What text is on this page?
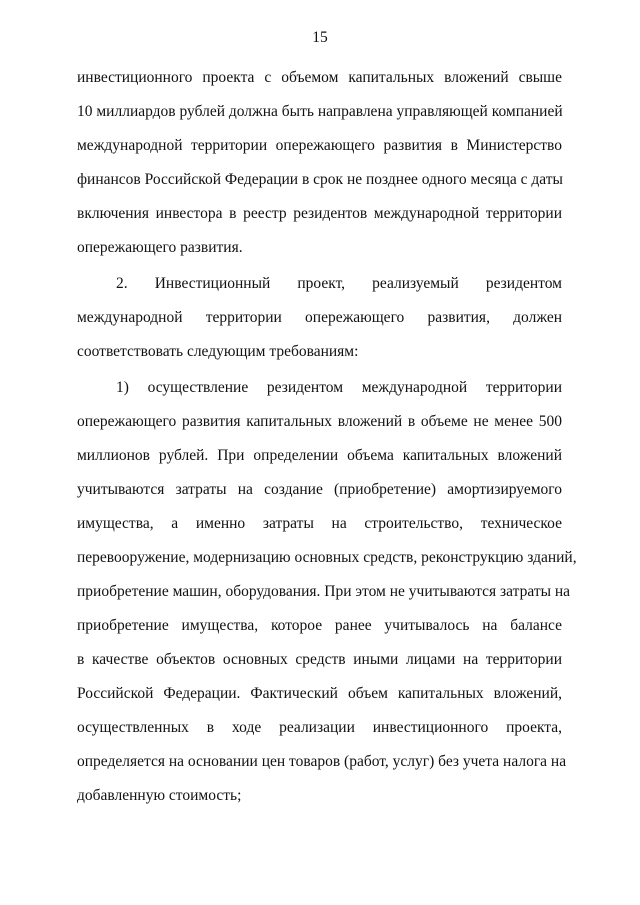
15
инвестиционного проекта с объемом капитальных вложений свыше
10 миллиардов рублей должна быть направлена управляющей компанией
международной территории опережающего развития в Министерство
финансов Российской Федерации в срок не позднее одного месяца с даты
включения инвестора в реестр резидентов международной территории
опережающего развития.
2. Инвестиционный проект, реализуемый резидентом
международной территории опережающего развития, должен
соответствовать следующим требованиям:
1) осуществление резидентом международной территории
опережающего развития капитальных вложений в объеме не менее 500
миллионов рублей. При определении объема капитальных вложений
учитываются затраты на создание (приобретение) амортизируемого
имущества, а именно затраты на строительство, техническое
перевооружение, модернизацию основных средств, реконструкцию зданий,
приобретение машин, оборудования. При этом не учитываются затраты на
приобретение имущества, которое ранее учитывалось на балансе
в качестве объектов основных средств иными лицами на территории
Российской Федерации. Фактический объем капитальных вложений,
осуществленных в ходе реализации инвестиционного проекта,
определяется на основании цен товаров (работ, услуг) без учета налога на
добавленную стоимость;
